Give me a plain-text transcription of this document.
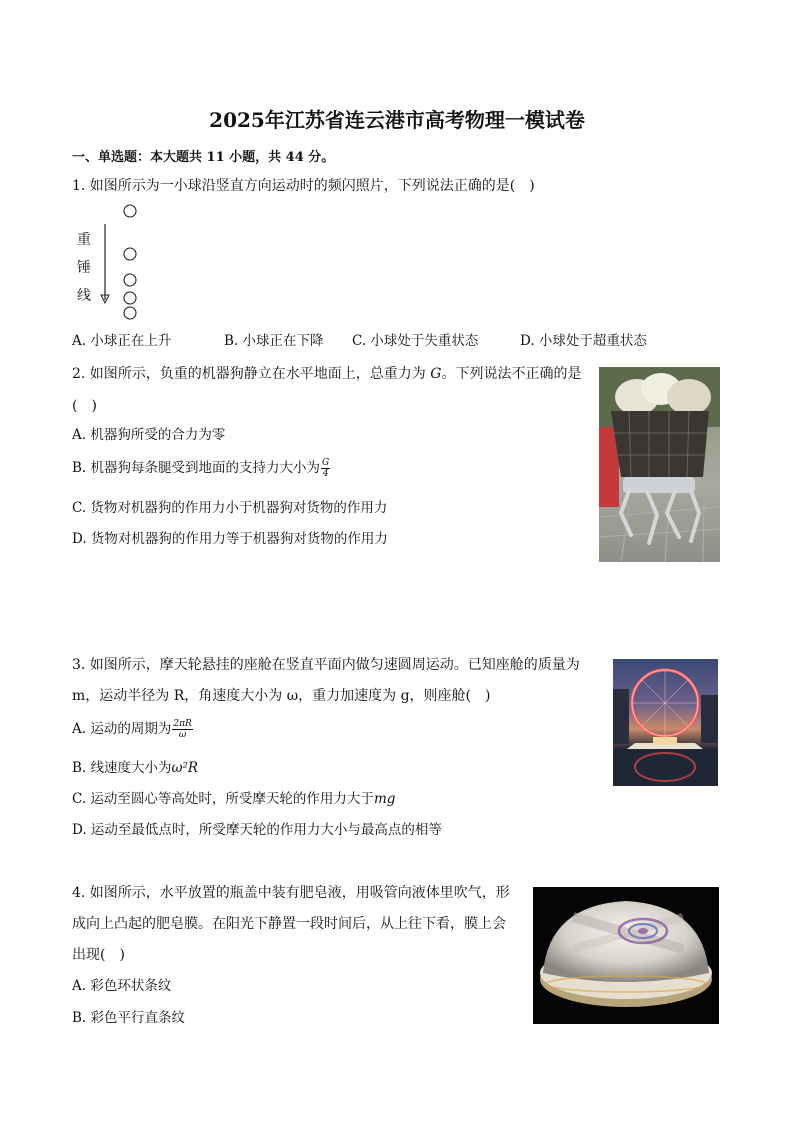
2025年江苏省连云港市高考物理一模试卷
一、单选题：本大题共 11 小题，共 44 分。
1. 如图所示为一小球沿竖直方向运动时的频闪照片，下列说法正确的是(　)
重
锤
线
A. 小球正在上升	B. 小球正在下降 C. 小球处于失重状态	D. 小球处于超重状态
2. 如图所示，负重的机器狗静立在水平地面上，总重力为 G。下列说法不正确的是
(　)
A. 机器狗所受的合力为零
B. 机器狗每条腿受到地面的支持力大小为 $\frac{G}{4}$
C. 货物对机器狗的作用力小于机器狗对货物的作用力
D. 货物对机器狗的作用力等于机器狗对货物的作用力
3. 如图所示，摩天轮悬挂的座舱在竖直平面内做匀速圆周运动。已知座舱的质量为
m，运动半径为 R，角速度大小为 ω，重力加速度为 g，则座舱(　)
A. 运动的周期为 $\frac{2\pi R}{\omega}$
B. 线速度大小为ω²R
C. 运动至圆心等高处时，所受摩天轮的作用力大于mg
D. 运动至最低点时，所受摩天轮的作用力大小与最高点的相等
4. 如图所示，水平放置的瓶盖中装有肥皂液，用吸管向液体里吹气，形
成向上凸起的肥皂膜。在阳光下静置一段时间后，从上往下看，膜上会
出现(　)
A. 彩色环状条纹
B. 彩色平行直条纹
